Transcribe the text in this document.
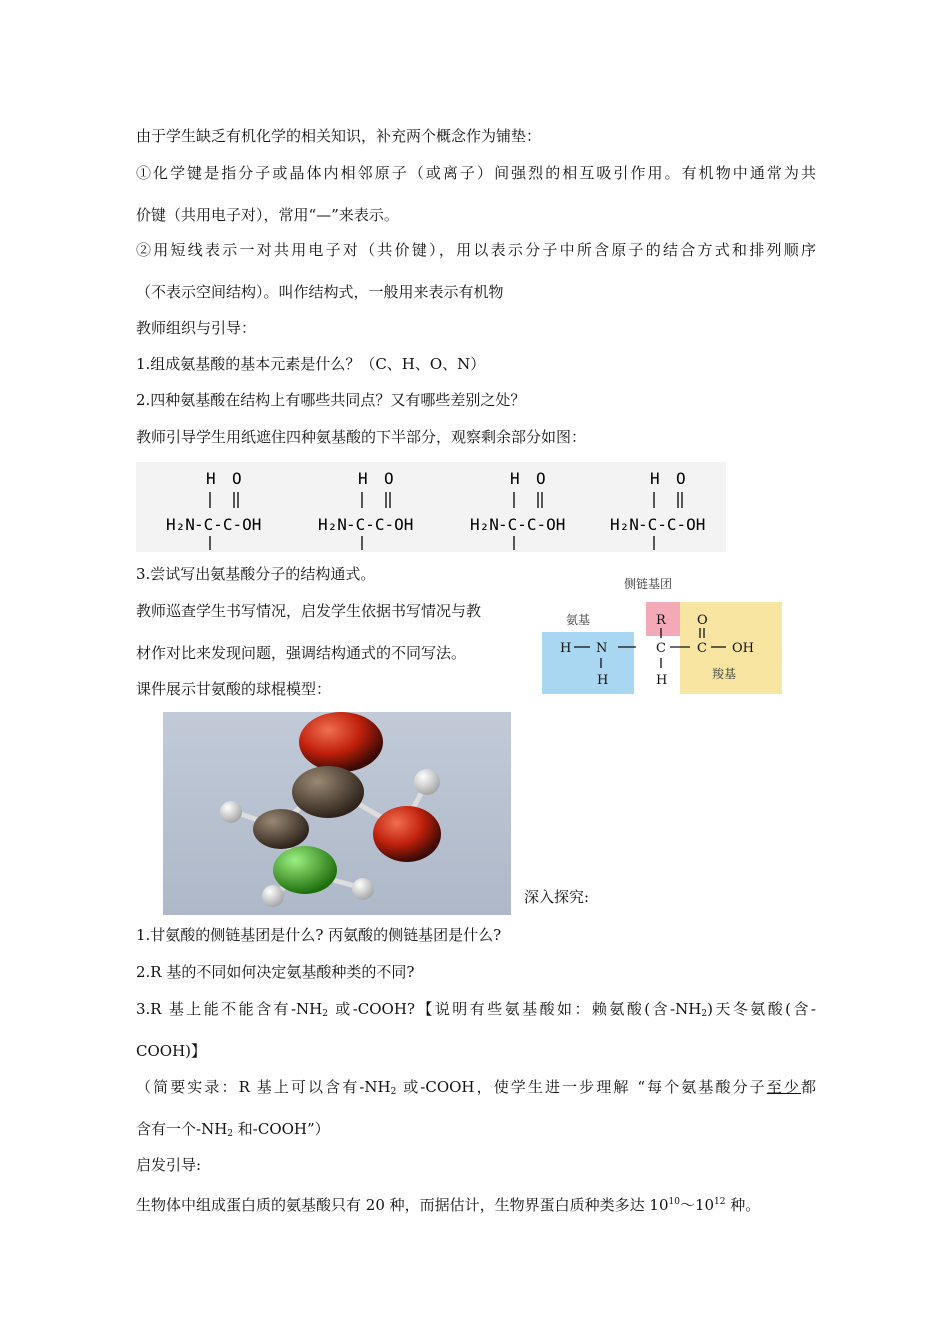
由于学生缺乏有机化学的相关知识，补充两个概念作为铺垫：
①化学键是指分子或晶体内相邻原子（或离子）间强烈的相互吸引作用。有机物中通常为共
价键（共用电子对），常用“—”来表示。
②用短线表示一对共用电子对（共价键），用以表示分子中所含原子的结合方式和排列顺序
（不表示空间结构）。叫作结构式，一般用来表示有机物
教师组织与引导：
1.组成氨基酸的基本元素是什么？（C、H、O、N）
2.四种氨基酸在结构上有哪些共同点？又有哪些差别之处？
教师引导学生用纸遮住四种氨基酸的下半部分，观察剩余部分如图：
H O
H₂N -C-C-OH
H O
H₂N -C-C-OH
H O
H₂N -C-C-OH
H O
H₂N -C-C-OH
3.尝试写出氨基酸分子的结构通式。
教师巡查学生书写情况，启发学生依据书写情况与教
材作对比来发现问题，强调结构通式的不同写法。
课件展示甘氨酸的球棍模型：
侧链基团
氨基
羧基
R O
H N	C C OH
H	H
深入探究:
1.甘氨酸的侧链基团是什么? 丙氨酸的侧链基团是什么?
2.R 基的不同如何决定氨基酸种类的不同?
3.R 基上能不能含有$-NH_2$ 或-COOH?【说明有些氨基酸如：赖氨酸(含$-NH_2$)天冬氨酸(含-
COOH)】
（简要实录：R 基上可以含有$-NH_2$ 或-COOH，使学生进一步理解 “每个氨基酸分子至少都
含有一个$-NH_2$ 和-COOH”）
启发引导:
生物体中组成蛋白质的氨基酸只有 20 种，而据估计，生物界蛋白质种类多达 $10^{10}\sim 10^{12}$ 种。
